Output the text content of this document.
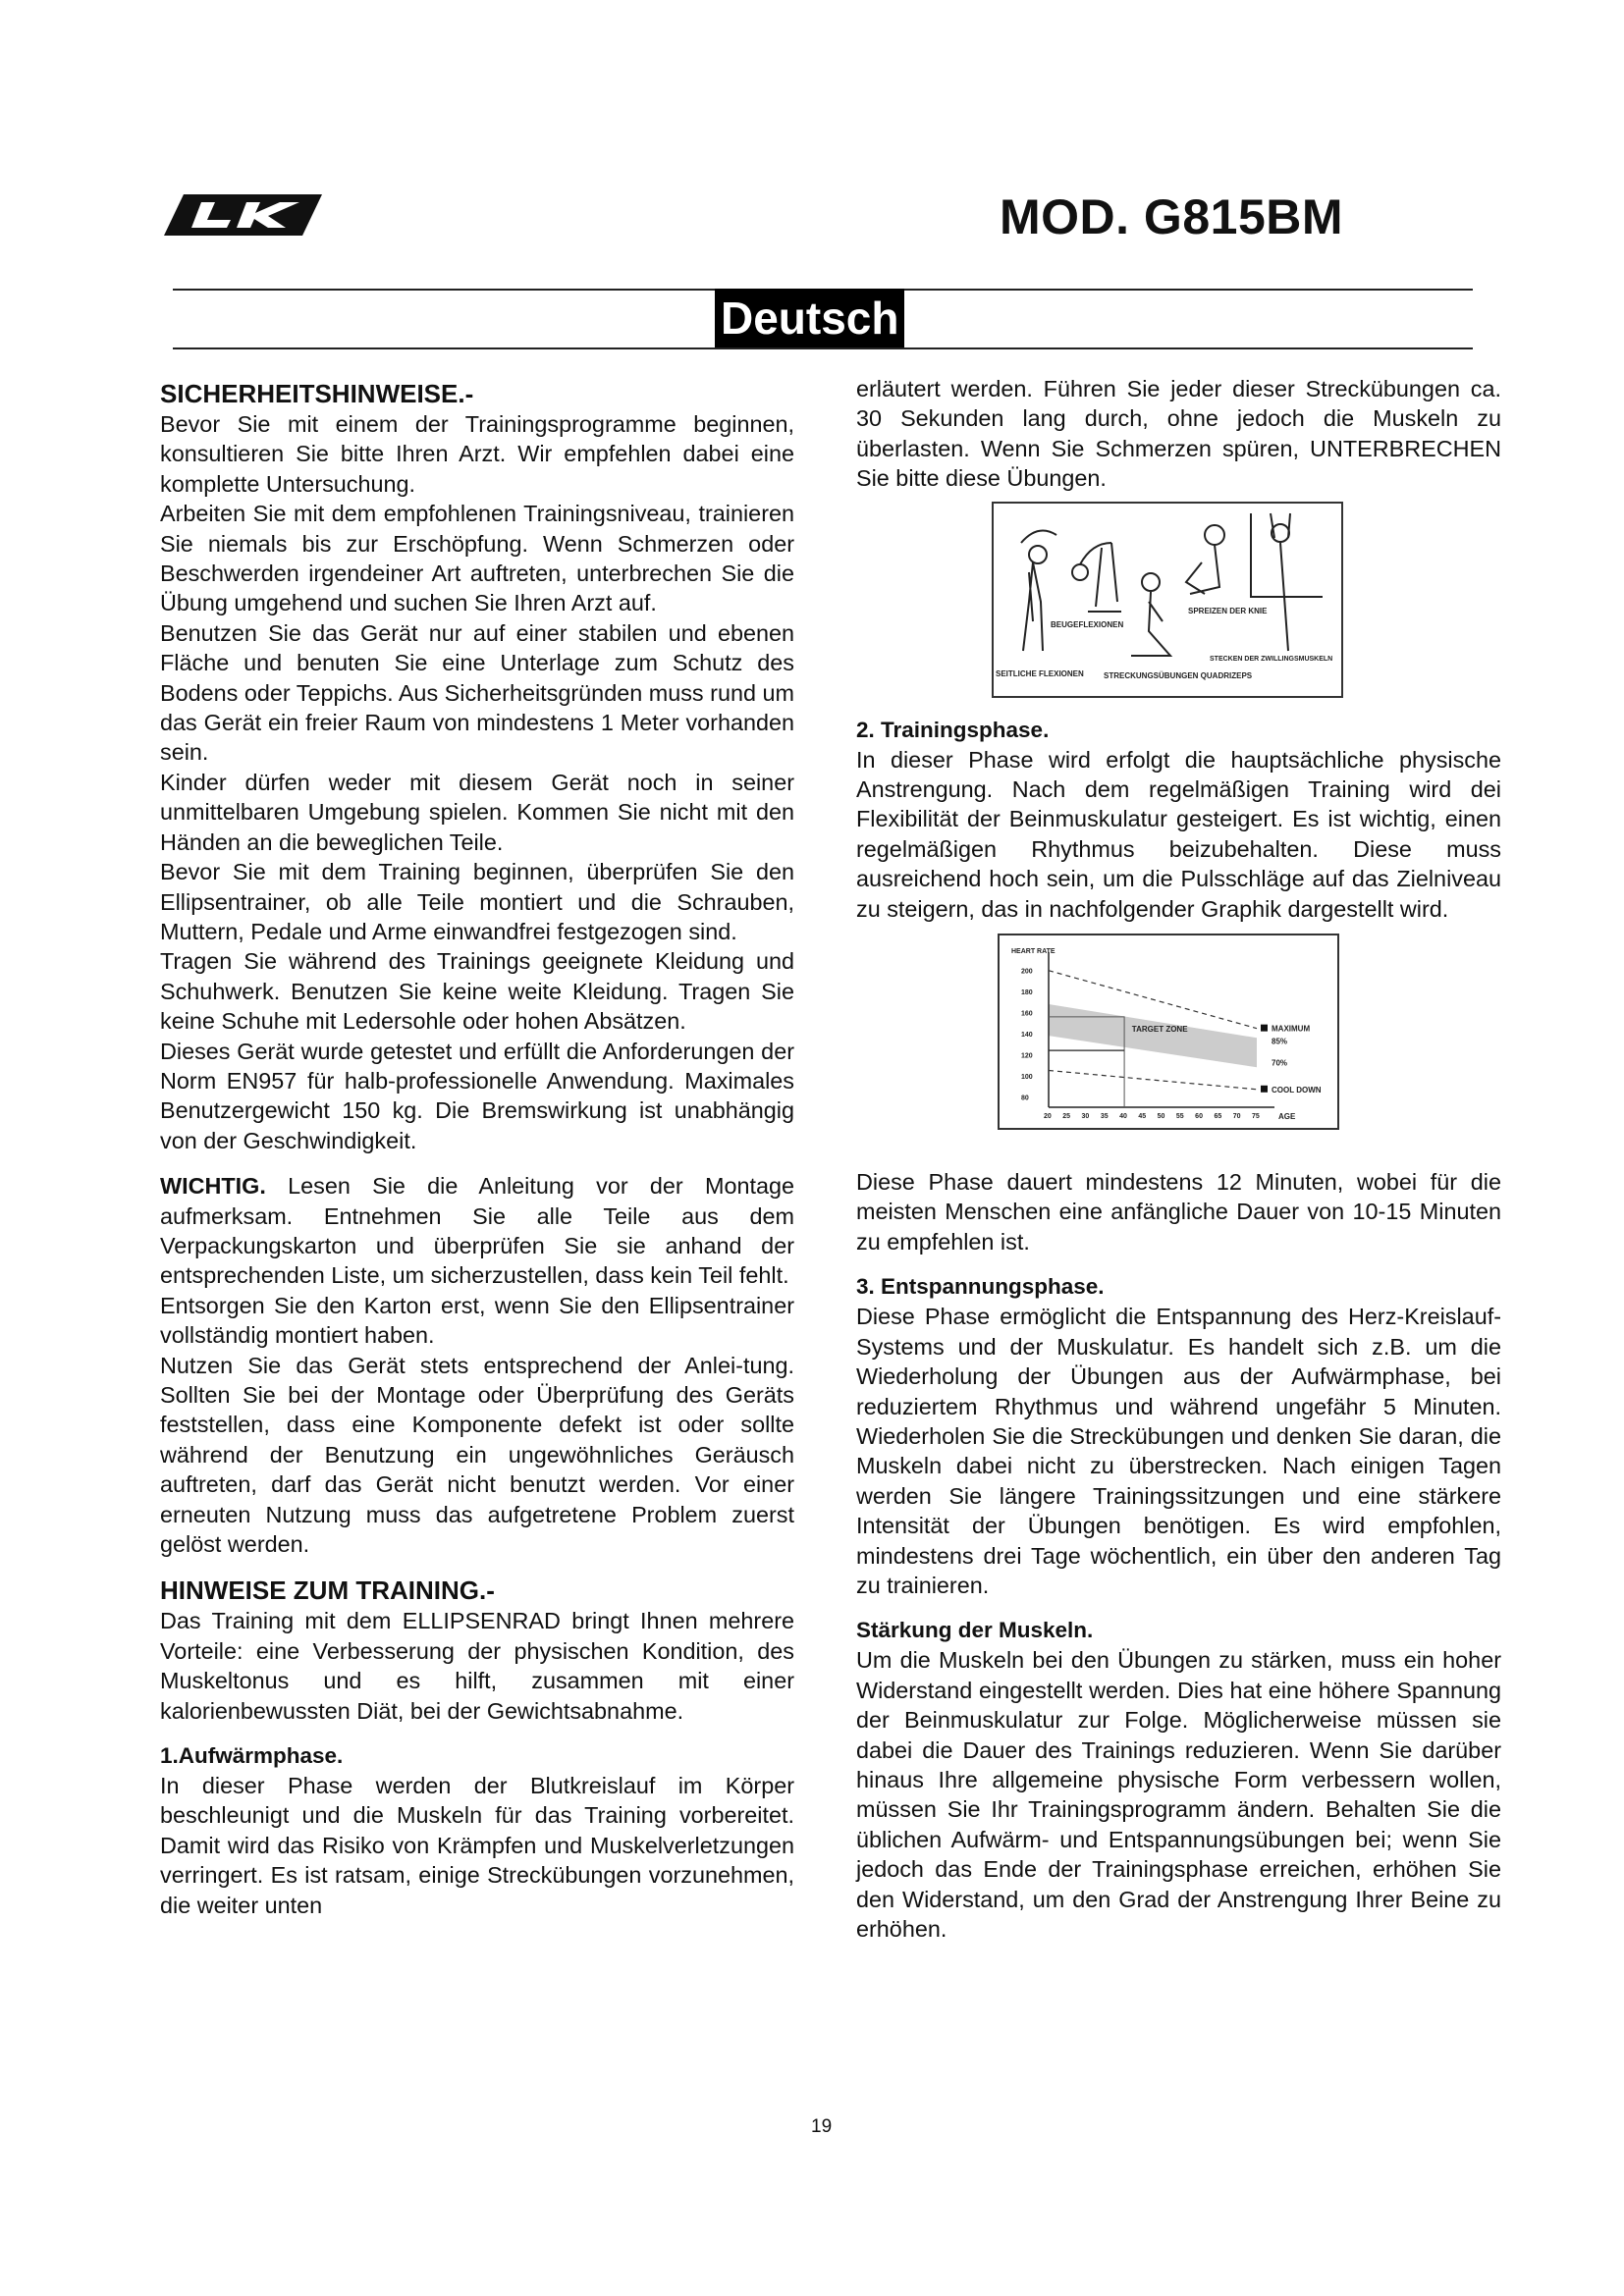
MOD. G815BM
Deutsch
SICHERHEITSHINWEISE.-

Bevor Sie mit einem der Trainingsprogramme beginnen, konsultieren Sie bitte Ihren Arzt. Wir empfehlen dabei eine komplette Untersuchung.

Arbeiten Sie mit dem empfohlenen Trainingsniveau, trainieren Sie niemals bis zur Erschöpfung. Wenn Schmerzen oder Beschwerden irgendeiner Art auftreten, unterbrechen Sie die Übung umgehend und suchen Sie Ihren Arzt auf.

Benutzen Sie das Gerät nur auf einer stabilen und ebenen Fläche und benuten Sie eine Unterlage zum Schutz des Bodens oder Teppichs. Aus Sicherheitsgründen muss rund um das Gerät ein freier Raum von mindestens 1 Meter vorhanden sein.

Kinder dürfen weder mit diesem Gerät noch in seiner unmittelbaren Umgebung spielen. Kommen Sie nicht mit den Händen an die beweglichen Teile.

Bevor Sie mit dem Training beginnen, überprüfen Sie den Ellipsentrainer, ob alle Teile montiert und die Schrauben, Muttern, Pedale und Arme einwandfrei festgezogen sind.

Tragen Sie während des Trainings geeignete Kleidung und Schuhwerk. Benutzen Sie keine weite Kleidung. Tragen Sie keine Schuhe mit Ledersohle oder hohen Absätzen.

Dieses Gerät wurde getestet und erfüllt die Anforderungen der Norm EN957 für halb-professionelle Anwendung. Maximales Benutzergewicht 150 kg. Die Bremswirkung ist unabhängig von der Geschwindigkeit.

WICHTIG. Lesen Sie die Anleitung vor der Montage aufmerksam. Entnehmen Sie alle Teile aus dem Verpackungskarton und überprüfen Sie sie anhand der entsprechenden Liste, um sicherzustellen, dass kein Teil fehlt.

Entsorgen Sie den Karton erst, wenn Sie den Ellipsentrainer vollständig montiert haben.

Nutzen Sie das Gerät stets entsprechend der Anlei-tung. Sollten Sie bei der Montage oder Überprüfung des Geräts feststellen, dass eine Komponente defekt ist oder sollte während der Benutzung ein ungewöhnliches Geräusch auftreten, darf das Gerät nicht benutzt werden. Vor einer erneuten Nutzung muss das aufgetretene Problem zuerst gelöst werden.

HINWEISE ZUM TRAINING.-

Das Training mit dem ELLIPSENRAD bringt Ihnen mehrere Vorteile: eine Verbesserung der physischen Kondition, des Muskeltonus und es hilft, zusammen mit einer kalorienbewussten Diät, bei der Gewichtsabnahme.

1.Aufwärmphase.

In dieser Phase werden der Blutkreislauf im Körper beschleunigt und die Muskeln für das Training vorbereitet. Damit wird das Risiko von Krämpfen und Muskelverletzungen verringert. Es ist ratsam, einige Streckübungen vorzunehmen, die weiter unten

erläutert werden. Führen Sie jeder dieser Streckübungen ca. 30 Sekunden lang durch, ohne jedoch die Muskeln zu überlasten. Wenn Sie Schmerzen spüren, UNTERBRECHEN Sie bitte diese Übungen.

SEITLICHE FLEXIONEN
BEUGEFLEXIONEN
STRECKUNGSÜBUNGEN QUADRIZEPS
SPREIZEN DER KNIE
STECKEN DER ZWILLINGSMUSKELN
2. Trainingsphase.

In dieser Phase wird erfolgt die hauptsächliche physische Anstrengung. Nach dem regelmäßigen Training wird dei Flexibilität der Beinmuskulatur gesteigert. Es ist wichtig, einen regelmäßigen Rhythmus beizubehalten. Diese muss ausreichend hoch sein, um die Pulsschläge auf das Zielniveau zu steigern, das in nachfolgender Graphik dargestellt wird.

MAXIMUM
COOL DOWN
85%
70%
TARGET ZONE
HEART RATE
AGE
200
180
160
140
120
100
80
20 25 30 35 40 45 50 55 60 65 70 75

Diese Phase dauert mindestens 12 Minuten, wobei für die meisten Menschen eine anfängliche Dauer von 10-15 Minuten zu empfehlen ist.

3. Entspannungsphase.

Diese Phase ermöglicht die Entspannung des Herz-Kreislauf-Systems und der Muskulatur. Es handelt sich z.B. um die Wiederholung der Übungen aus der Aufwärmphase, bei reduziertem Rhythmus und während ungefähr 5 Minuten. Wiederholen Sie die Streckübungen und denken Sie daran, die Muskeln dabei nicht zu überstrecken. Nach einigen Tagen werden Sie längere Trainingssitzungen und eine stärkere Intensität der Übungen benötigen. Es wird empfohlen, mindestens drei Tage wöchentlich, ein über den anderen Tag zu trainieren.

Stärkung der Muskeln.

Um die Muskeln bei den Übungen zu stärken, muss ein hoher Widerstand eingestellt werden. Dies hat eine höhere Spannung der Beinmuskulatur zur Folge. Möglicherweise müssen sie dabei die Dauer des Trainings reduzieren. Wenn Sie darüber hinaus Ihre allgemeine physische Form verbessern wollen, müssen Sie Ihr Trainingsprogramm ändern. Behalten Sie die üblichen Aufwärm- und Entspannungsübungen bei; wenn Sie jedoch das Ende der Trainingsphase erreichen, erhöhen Sie den Widerstand, um den Grad der Anstrengung Ihrer Beine zu erhöhen.

19
